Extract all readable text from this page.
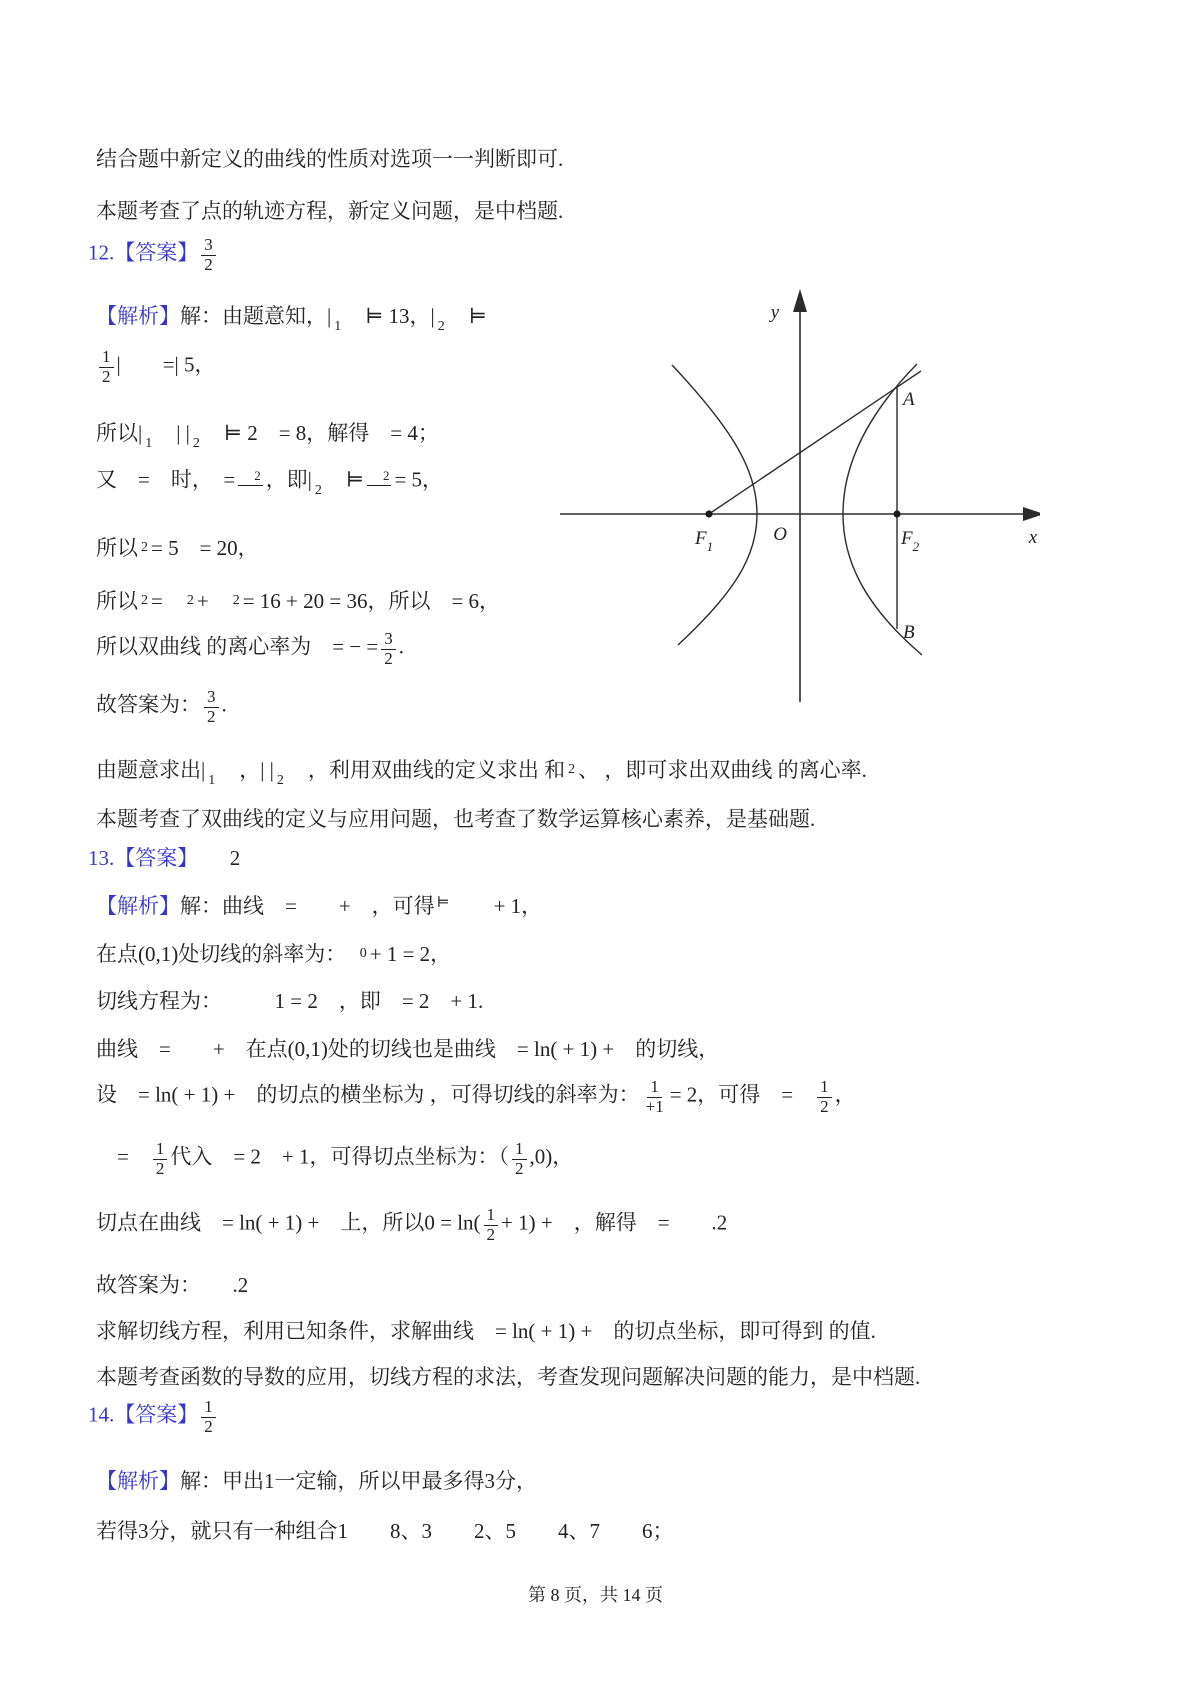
结合题中新定义的曲线的性质对选项一一判断即可.
本题考查了点的轨迹方程，新定义问题，是中档题.
12.【答案】 $\frac{3}{2}$
【解析】解：由题意知，| $_1$　⊨ 13，| $_2$　⊨
$\frac{1}{2}$ |　　=| 5，
所以| $_1$　| | $_2$　⊨ 2　= 8，解得　= 4；
又　=　时，　=	2 ，即| $_2$　⊨	2 = 5，
所以 2 = 5　= 20，
所以 2 =　2 +　2 = 16 + 20 = 36，所以　= 6，
所以双曲线 的离心率为　= − = $\frac{3}{2}$ .
故答案为： $\frac{3}{2}$ .
由题意求出| $_1$　，| | $_2$　，利用双曲线的定义求出 和 2 、 ，即可求出双曲线 的离心率.
本题考查了双曲线的定义与应用问题，也考查了数学运算核心素养，是基础题.
13.【答案】　　2
【解析】解：曲线　=　　+　，可得 ⊨　　+ 1，
在点(0,1)处切线的斜率为：　0 + 1 = 2，
切线方程为：　　　1 = 2　，即　= 2　+ 1.
曲线　=　　+　在点(0,1)处的切线也是曲线　= ln( + 1) +　的切线，
设　= ln( + 1) +　的切点的横坐标为 ，可得切线的斜率为： $\frac{1}{+1} = 2$，可得　=　 $\frac{1}{2}$ ，
　=　 $\frac{1}{2}$ 代入　= 2　+ 1，可得切点坐标为：（ $\frac{1}{2} ,0$)，
切点在曲线　= ln( + 1) +　上，所以$0 = \ln( \frac{1}{2} + 1)$ +　，解得　=　　.2
故答案为：　　.2
求解切线方程，利用已知条件，求解曲线　= ln( + 1) +　的切点坐标，即可得到 的值.
本题考查函数的导数的应用，切线方程的求法，考查发现问题解决问题的能力，是中档题.
14.【答案】 $\frac{1}{2}$
【解析】解：甲出1一定输，所以甲最多得3分，
若得3分，就只有一种组合1　　8、3　　2、5　　4、7　　6；
y
x
O
$F_1$	$F_2$
A
B
第 8 页，共 14 页
